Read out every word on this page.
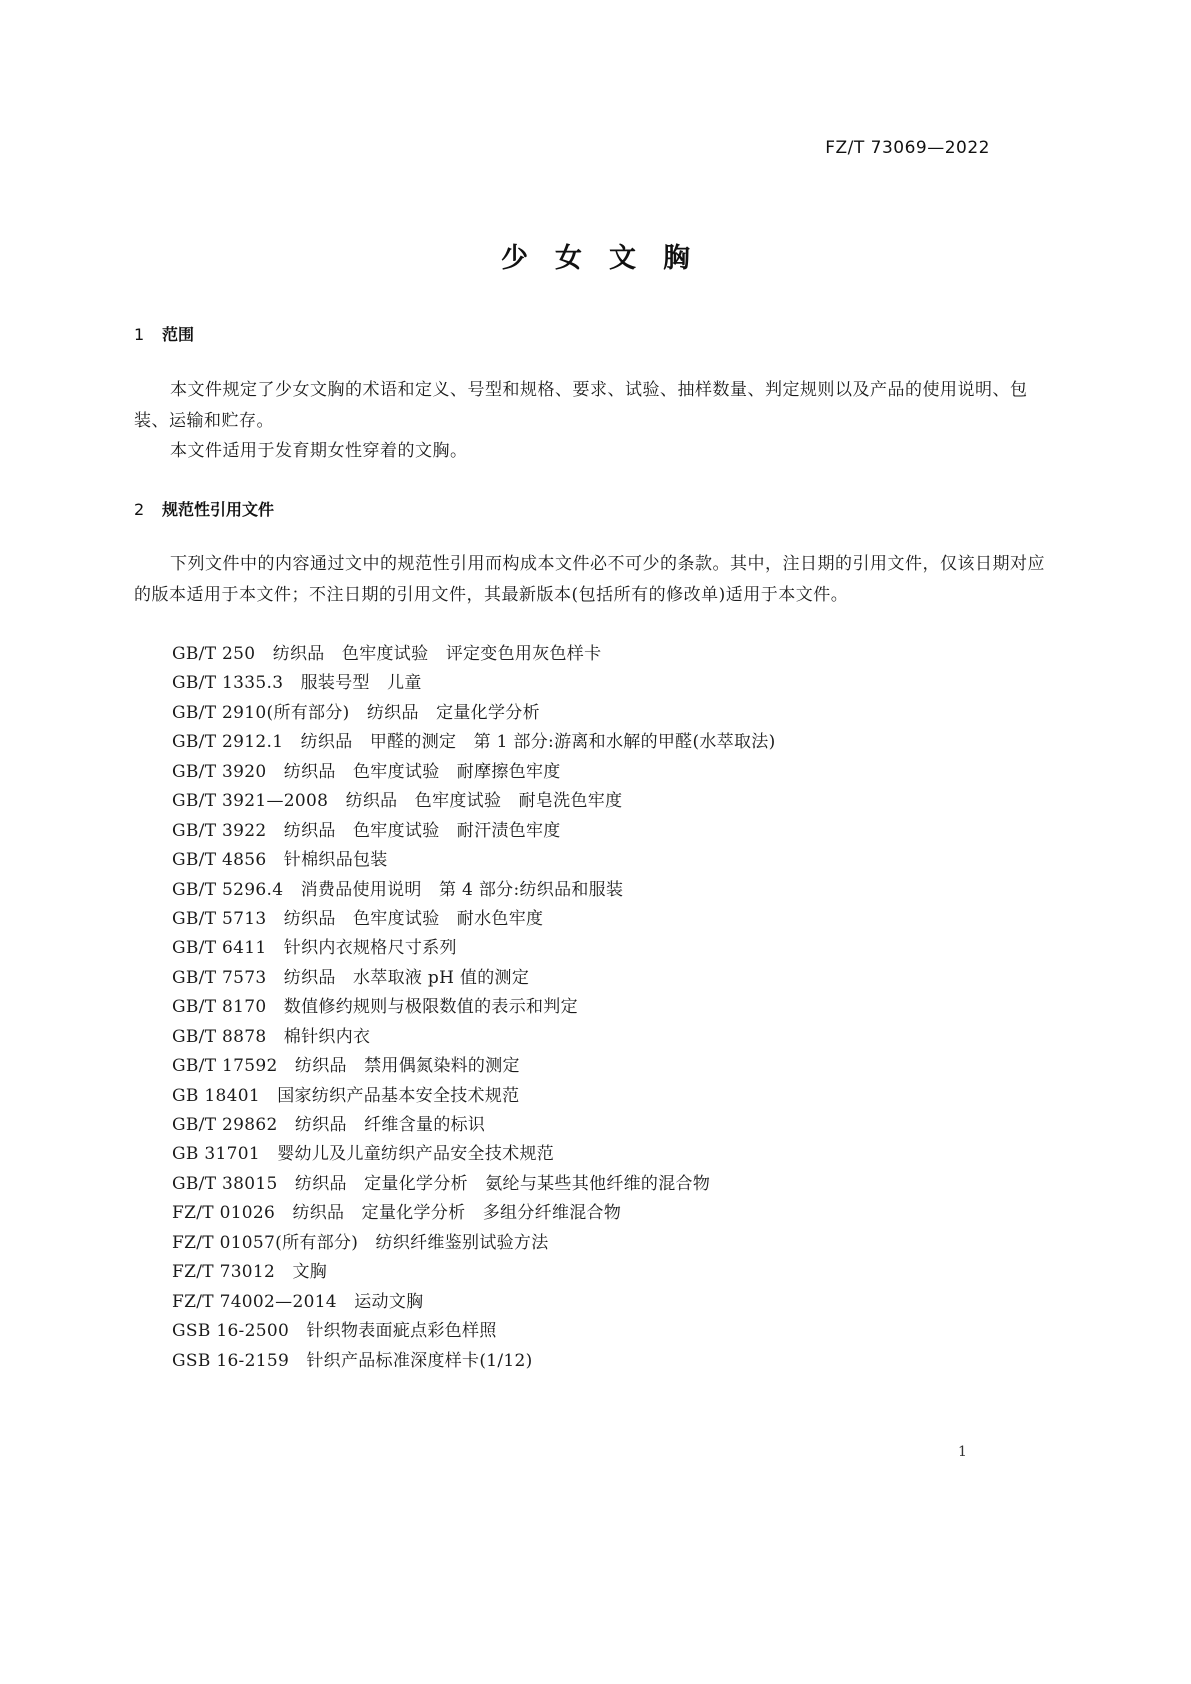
FZ/T 73069—2022
少　女　文　胸
1 范围

本文件规定了少女文胸的术语和定义、号型和规格、要求、试验、抽样数量、判定规则以及产品的使用说明、包装、运输和贮存。

本文件适用于发育期女性穿着的文胸。

2 规范性引用文件

下列文件中的内容通过文中的规范性引用而构成本文件必不可少的条款。其中，注日期的引用文件，仅该日期对应的版本适用于本文件；不注日期的引用文件，其最新版本(包括所有的修改单)适用于本文件。

GB/T 250　纺织品　色牢度试验　评定变色用灰色样卡
GB/T 1335.3　服装号型　儿童
GB/T 2910(所有部分)　纺织品　定量化学分析
GB/T 2912.1　纺织品　甲醛的测定　第 1 部分:游离和水解的甲醛(水萃取法)
GB/T 3920　纺织品　色牢度试验　耐摩擦色牢度
GB/T 3921—2008　纺织品　色牢度试验　耐皂洗色牢度
GB/T 3922　纺织品　色牢度试验　耐汗渍色牢度
GB/T 4856　针棉织品包装
GB/T 5296.4　消费品使用说明　第 4 部分:纺织品和服装
GB/T 5713　纺织品　色牢度试验　耐水色牢度
GB/T 6411　针织内衣规格尺寸系列
GB/T 7573　纺织品　水萃取液 pH 值的测定
GB/T 8170　数值修约规则与极限数值的表示和判定
GB/T 8878　棉针织内衣
GB/T 17592　纺织品　禁用偶氮染料的测定
GB 18401　国家纺织产品基本安全技术规范
GB/T 29862　纺织品　纤维含量的标识
GB 31701　婴幼儿及儿童纺织产品安全技术规范
GB/T 38015　纺织品　定量化学分析　氨纶与某些其他纤维的混合物
FZ/T 01026　纺织品　定量化学分析　多组分纤维混合物
FZ/T 01057(所有部分)　纺织纤维鉴别试验方法
FZ/T 73012　文胸
FZ/T 74002—2014　运动文胸
GSB 16-2500　针织物表面疵点彩色样照
GSB 16-2159　针织产品标准深度样卡(1/12)
1
